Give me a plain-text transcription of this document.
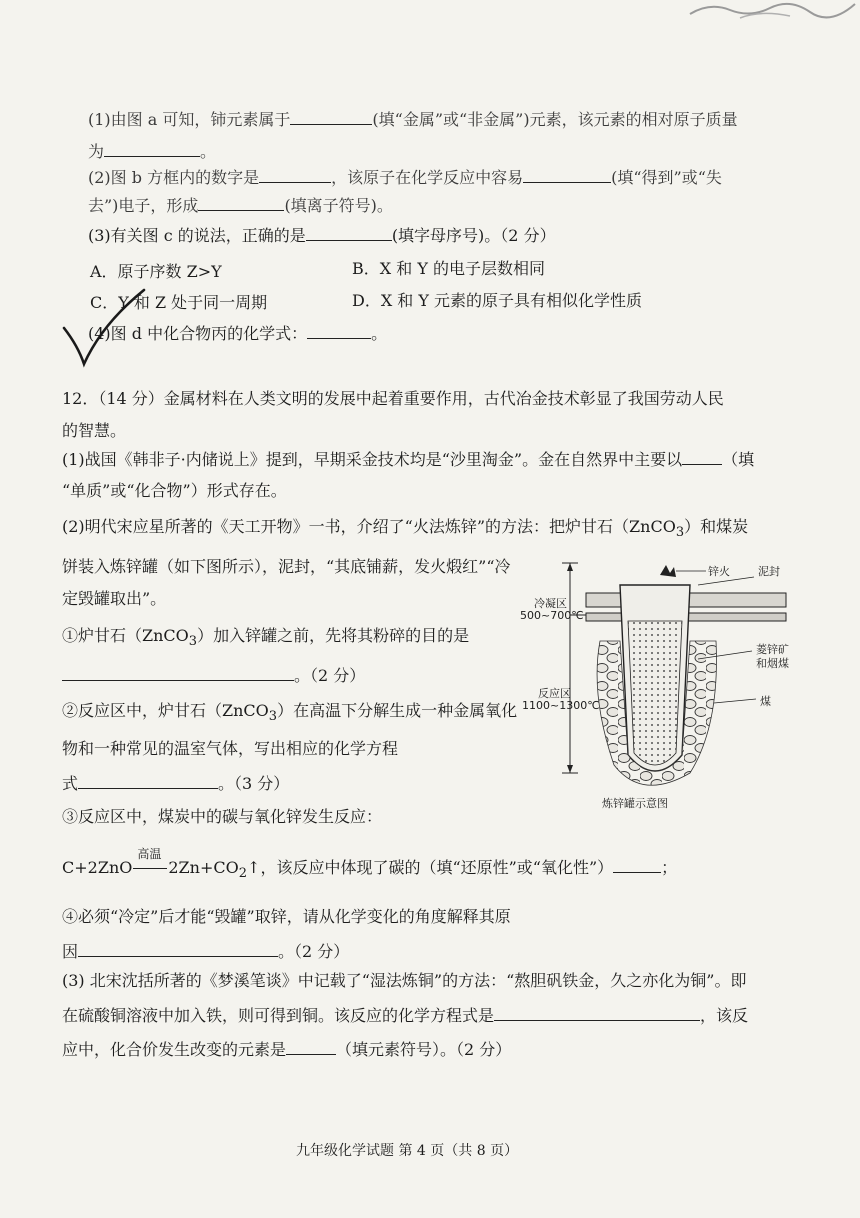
(1)由图 a 可知，铈元素属于	(填“金属”或“非金属”)元素，该元素的相对原子质量
为	。
(2)图 b 方框内的数字是	，该原子在化学反应中容易	(填“得到”或“失
去”)电子，形成	(填离子符号)。
(3)有关图 c 的说法，正确的是	(填字母序号)。（2 分）
A．原子序数 Z>Y	B．X 和 Y 的电子层数相同
C．Y 和 Z 处于同一周期	D．X 和 Y 元素的原子具有相似化学性质
(4)图 d 中化合物丙的化学式：	。
12．（14 分）金属材料在人类文明的发展中起着重要作用，古代冶金技术彰显了我国劳动人民
的智慧。
(1)战国《韩非子·内储说上》提到，早期采金技术均是“沙里淘金”。金在自然界中主要以	（填
“单质”或“化合物”）形式存在。
(2)明代宋应星所著的《天工开物》一书，介绍了“火法炼锌”的方法：把炉甘石（ZnCO$_3$）和煤炭
饼装入炼锌罐（如下图所示），泥封，“其底铺薪，发火煅红”“冷
定毁罐取出”。
①炉甘石（ZnCO$_3$）加入锌罐之前，先将其粉碎的目的是
。（2 分）
②反应区中，炉甘石（ZnCO$_3$）在高温下分解生成一种金属氧化
物和一种常见的温室气体，写出相应的化学方程
式	。（3 分）
③反应区中，煤炭中的碳与氧化锌发生反应：
C+2ZnO
高温
$2Zn+CO_2↑$，该反应中体现了碳的（填“还原性”或“氧化性”）	；
④必须“冷定”后才能“毁罐”取锌，请从化学变化的角度解释其原
因	。（2 分）
(3) 北宋沈括所著的《梦溪笔谈》中记载了“湿法炼铜”的方法：“熬胆矾铁金，久之亦化为铜”。即
在硫酸铜溶液中加入铁，则可得到铜。该反应的化学方程式是	，该反
应中，化合价发生改变的元素是	（填元素符号）。（2 分）
锌火	泥封
冷凝区
500~700℃
菱锌矿
和烟煤
反应区
1100~1300℃	煤
炼锌罐示意图
九年级化学试题 第 4 页（共 8 页）
